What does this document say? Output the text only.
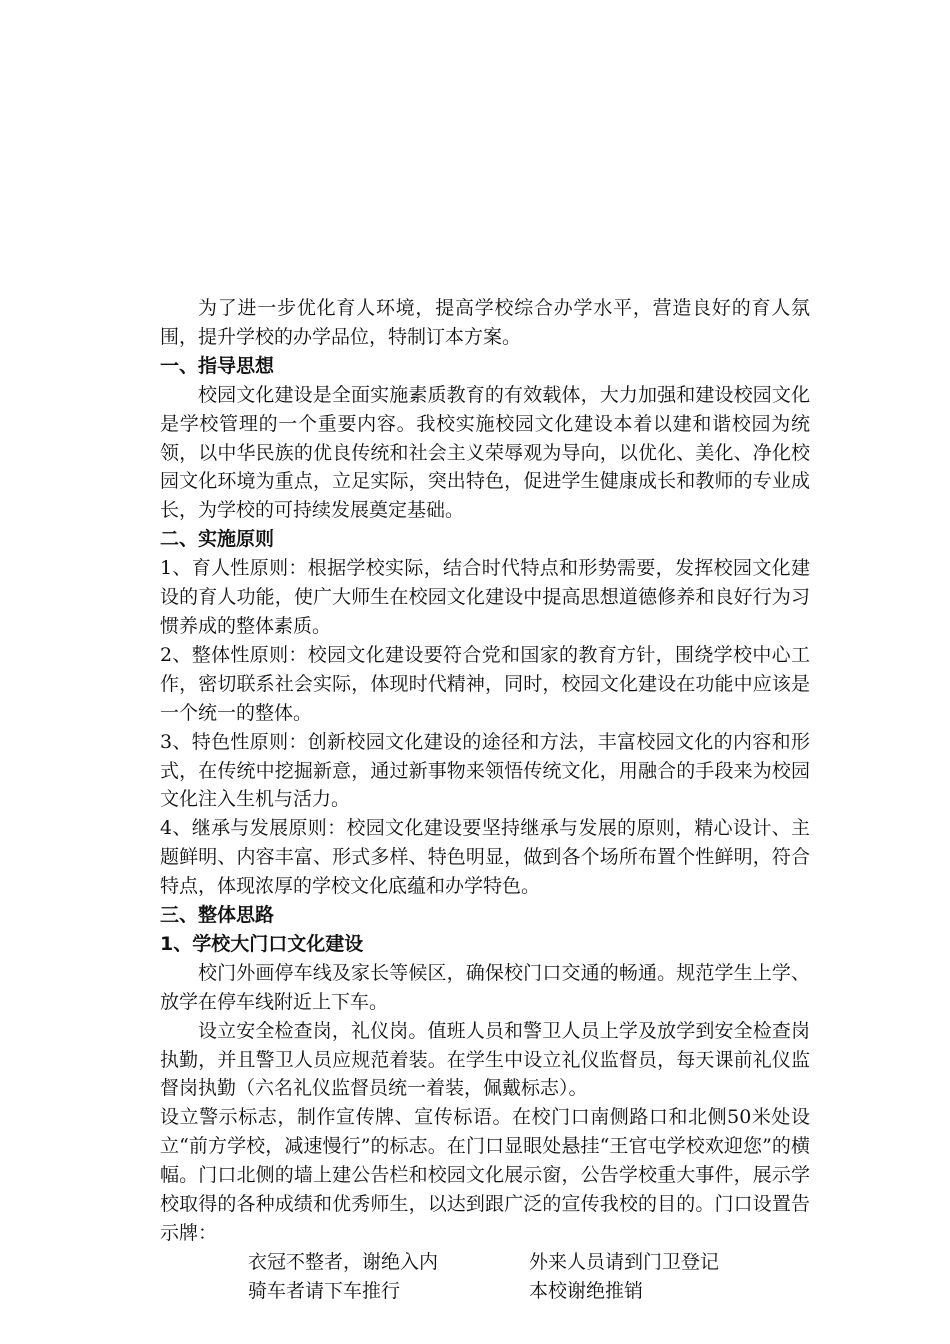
为了进一步优化育人环境，提高学校综合办学水平，营造良好的育人氛围，提升学校的办学品位，特制订本方案。

一、指导思想

校园文化建设是全面实施素质教育的有效载体，大力加强和建设校园文化是学校管理的一个重要内容。我校实施校园文化建设本着以建和谐校园为统领，以中华民族的优良传统和社会主义荣辱观为导向，以优化、美化、净化校园文化环境为重点，立足实际，突出特色，促进学生健康成长和教师的专业成长，为学校的可持续发展奠定基础。

二、实施原则

1、育人性原则：根据学校实际，结合时代特点和形势需要，发挥校园文化建设的育人功能，使广大师生在校园文化建设中提高思想道德修养和良好行为习惯养成的整体素质。

2、整体性原则：校园文化建设要符合党和国家的教育方针，围绕学校中心工作，密切联系社会实际，体现时代精神，同时，校园文化建设在功能中应该是一个统一的整体。

3、特色性原则：创新校园文化建设的途径和方法，丰富校园文化的内容和形式，在传统中挖掘新意，通过新事物来领悟传统文化，用融合的手段来为校园文化注入生机与活力。

4、继承与发展原则：校园文化建设要坚持继承与发展的原则，精心设计、主题鲜明、内容丰富、形式多样、特色明显，做到各个场所布置个性鲜明，符合特点，体现浓厚的学校文化底蕴和办学特色。

三、整体思路

1、学校大门口文化建设

校门外画停车线及家长等候区，确保校门口交通的畅通。规范学生上学、放学在停车线附近上下车。

设立安全检查岗，礼仪岗。值班人员和警卫人员上学及放学到安全检查岗执勤，并且警卫人员应规范着装。在学生中设立礼仪监督员，每天课前礼仪监督岗执勤（六名礼仪监督员统一着装，佩戴标志）。

设立警示标志，制作宣传牌、宣传标语。在校门口南侧路口和北侧50米处设立“前方学校，减速慢行”的标志。在门口显眼处悬挂“王官屯学校欢迎您”的横幅。门口北侧的墙上建公告栏和校园文化展示窗，公告学校重大事件，展示学校取得的各种成绩和优秀师生，以达到跟广泛的宣传我校的目的。门口设置告示牌：

衣冠不整者，谢绝入内	外来人员请到门卫登记
骑车者请下车推行	本校谢绝推销
